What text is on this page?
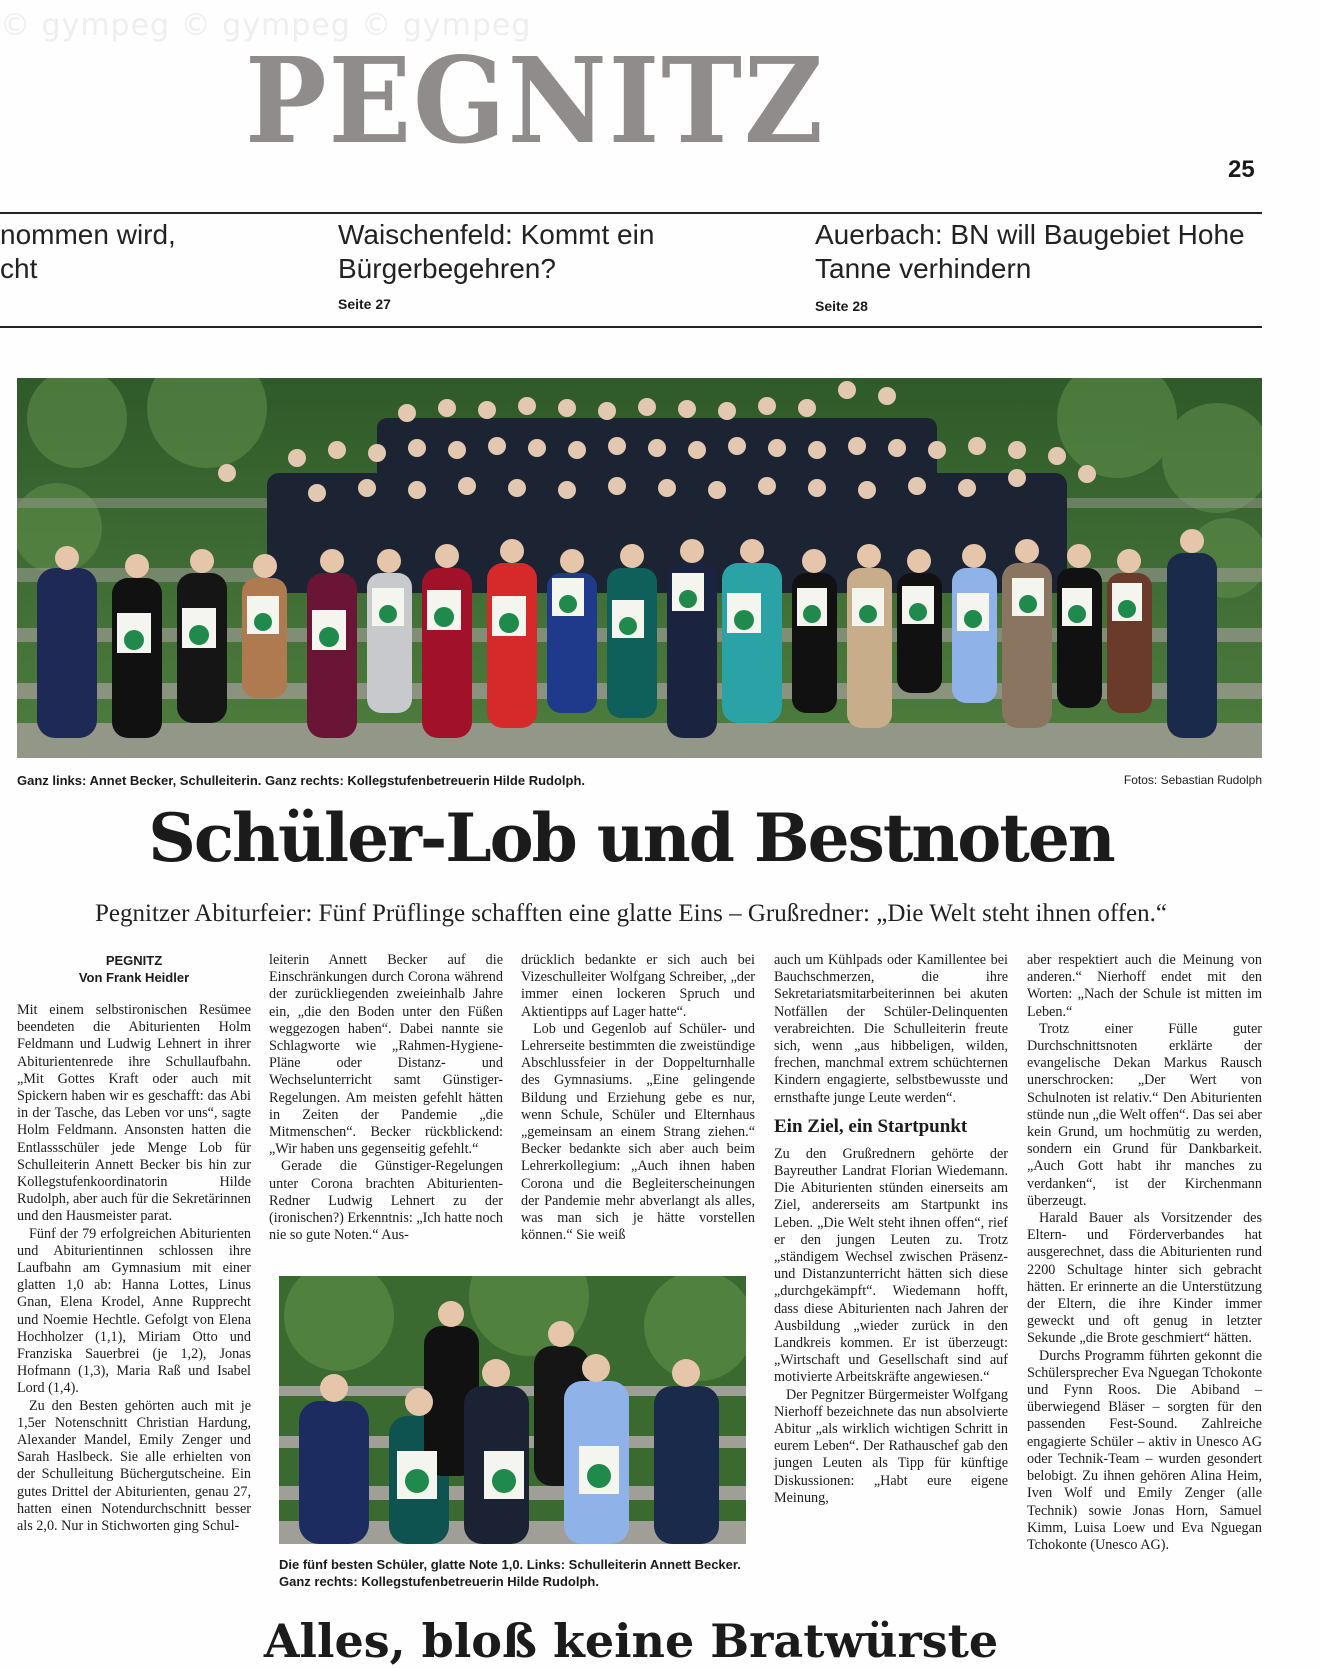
© gympeg © gympeg © gympeg
PEGNITZ	25
nommen wird,
cht
Waischenfeld: Kommt ein Bürgerbegehren?
Seite 27
Auerbach: BN will Baugebiet Hohe Tanne verhindern
Seite 28
Ganz links: Annet Becker, Schulleiterin. Ganz rechts: Kollegstufenbetreuerin Hilde Rudolph.	Fotos: Sebastian Rudolph
Schüler-Lob und Bestnoten
Pegnitzer Abiturfeier: Fünf Prüflinge schafften eine glatte Eins – Grußredner: „Die Welt steht ihnen offen.“
PEGNITZ
Von Frank Heidler

Mit einem selbstironischen Resümee beendeten die Abiturienten Holm Feldmann und Ludwig Lehnert in ihrer Abiturientenrede ihre Schullaufbahn. „Mit Gottes Kraft oder auch mit Spickern haben wir es geschafft: das Abi in der Tasche, das Leben vor uns“, sagte Holm Feldmann. Ansonsten hatten die Entlassschüler jede Menge Lob für Schulleiterin Annett Becker bis hin zur Kollegstufenkoordinatorin Hilde Rudolph, aber auch für die Sekretärinnen und den Hausmeister parat.

Fünf der 79 erfolgreichen Abiturienten und Abiturientinnen schlossen ihre Laufbahn am Gymnasium mit einer glatten 1,0 ab: Hanna Lottes, Linus Gnan, Elena Krodel, Anne Rupprecht und Noemie Hechtle. Gefolgt von Elena Hochholzer (1,1), Miriam Otto und Franziska Sauerbrei (je 1,2), Jonas Hofmann (1,3), Maria Raß und Isabel Lord (1,4).

Zu den Besten gehörten auch mit je 1,5er Notenschnitt Christian Hardung, Alexander Mandel, Emily Zenger und Sarah Haslbeck. Sie alle erhielten von der Schulleitung Büchergutscheine. Ein gutes Drittel der Abiturienten, genau 27, hatten einen Notendurchschnitt besser als 2,0. Nur in Stichworten ging Schul-

leiterin Annett Becker auf die Einschränkungen durch Corona während der zurückliegenden zweieinhalb Jahre ein, „die den Boden unter den Füßen weggezogen haben“. Dabei nannte sie Schlagworte wie „Rahmen-Hygiene-Pläne oder Distanz- und Wechselunterricht samt Günstiger-Regelungen. Am meisten gefehlt hätten in Zeiten der Pandemie „die Mitmenschen“. Becker rückblickend: „Wir haben uns gegenseitig gefehlt.“

Gerade die Günstiger-Regelungen unter Corona brachten Abiturienten-Redner Ludwig Lehnert zu der (ironischen?) Erkenntnis: „Ich hatte noch nie so gute Noten.“ Aus-

drücklich bedankte er sich auch bei Vizeschulleiter Wolfgang Schreiber, „der immer einen lockeren Spruch und Aktientipps auf Lager hatte“.

Lob und Gegenlob auf Schüler- und Lehrerseite bestimmten die zweistündige Abschlussfeier in der Doppelturnhalle des Gymnasiums. „Eine gelingende Bildung und Erziehung gebe es nur, wenn Schule, Schüler und Elternhaus „gemeinsam an einem Strang ziehen.“ Becker bedankte sich aber auch beim Lehrerkollegium: „Auch ihnen haben Corona und die Begleiterscheinungen der Pandemie mehr abverlangt als alles, was man sich je hätte vorstellen können.“ Sie weiß

Die fünf besten Schüler, glatte Note 1,0. Links: Schulleiterin Annett Becker. Ganz rechts: Kollegstufenbetreuerin Hilde Rudolph.

auch um Kühlpads oder Kamillentee bei Bauchschmerzen, die ihre Sekretariatsmitarbeiterinnen bei akuten Notfällen der Schüler-Delinquenten verabreichten. Die Schulleiterin freute sich, wenn „aus hibbeligen, wilden, frechen, manchmal extrem schüchternen Kindern engagierte, selbstbewusste und ernsthafte junge Leute werden“.

Ein Ziel, ein Startpunkt

Zu den Grußrednern gehörte der Bayreuther Landrat Florian Wiedemann. Die Abiturienten stünden einerseits am Ziel, andererseits am Startpunkt ins Leben. „Die Welt steht ihnen offen“, rief er den jungen Leuten zu. Trotz „ständigem Wechsel zwischen Präsenz- und Distanzunterricht hätten sich diese „durchgekämpft“. Wiedemann hofft, dass diese Abiturienten nach Jahren der Ausbildung „wieder zurück in den Landkreis kommen. Er ist überzeugt: „Wirtschaft und Gesellschaft sind auf motivierte Arbeitskräfte angewiesen.“

Der Pegnitzer Bürgermeister Wolfgang Nierhoff bezeichnete das nun absolvierte Abitur „als wirklich wichtigen Schritt in eurem Leben“. Der Rathauschef gab den jungen Leuten als Tipp für künftige Diskussionen: „Habt eure eigene Meinung,

aber respektiert auch die Meinung von anderen.“ Nierhoff endet mit den Worten: „Nach der Schule ist mitten im Leben.“

Trotz einer Fülle guter Durchschnittsnoten erklärte der evangelische Dekan Markus Rausch unerschrocken: „Der Wert von Schulnoten ist relativ.“ Den Abiturienten stünde nun „die Welt offen“. Das sei aber kein Grund, um hochmütig zu werden, sondern ein Grund für Dankbarkeit. „Auch Gott habt ihr manches zu verdanken“, ist der Kirchenmann überzeugt.

Harald Bauer als Vorsitzender des Eltern- und Förderverbandes hat ausgerechnet, dass die Abiturienten rund 2200 Schultage hinter sich gebracht hätten. Er erinnerte an die Unterstützung der Eltern, die ihre Kinder immer geweckt und oft genug in letzter Sekunde „die Brote geschmiert“ hätten.

Durchs Programm führten gekonnt die Schülersprecher Eva Nguegan Tchokonte und Fynn Roos. Die Abiband – überwiegend Bläser – sorgten für den passenden Fest-Sound. Zahlreiche engagierte Schüler – aktiv in Unesco AG oder Technik-Team – wurden gesondert belobigt. Zu ihnen gehören Alina Heim, Iven Wolf und Emily Zenger (alle Technik) sowie Jonas Horn, Samuel Kimm, Luisa Loew und Eva Nguegan Tchokonte (Unesco AG).

Alles, bloß keine Bratwürste
